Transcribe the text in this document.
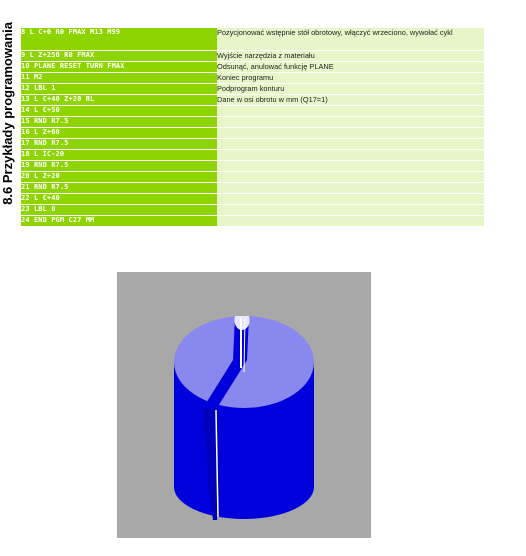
8.6 Przykłady programowania 8 L C+0 R0 FMAX M13 M99	Pozycjonować wstępnie stół obrotowy, włączyć wrzeciono, wywołać cykl
9 L Z+250 R0 FMAX	Wyjście narzędzia z materiału
10 PLANE RESET TURN FMAX	Odsunąć, anulować funkcję PLANE
11 M2	Koniec programu
12 LBL 1	Podprogram konturu
13 L C+40 Z+20 RL	Dane w osi obrotu w mm (Q17=1)
14 L C+50	
15 RND R7.5	
16 L Z+60	
17 RND R7.5	
18 L IC-20	
19 RND R7.5	
20 L Z+20	
21 RND R7.5	
22 L C+40	
23 LBL 0	
24 END PGM C27 MM	
